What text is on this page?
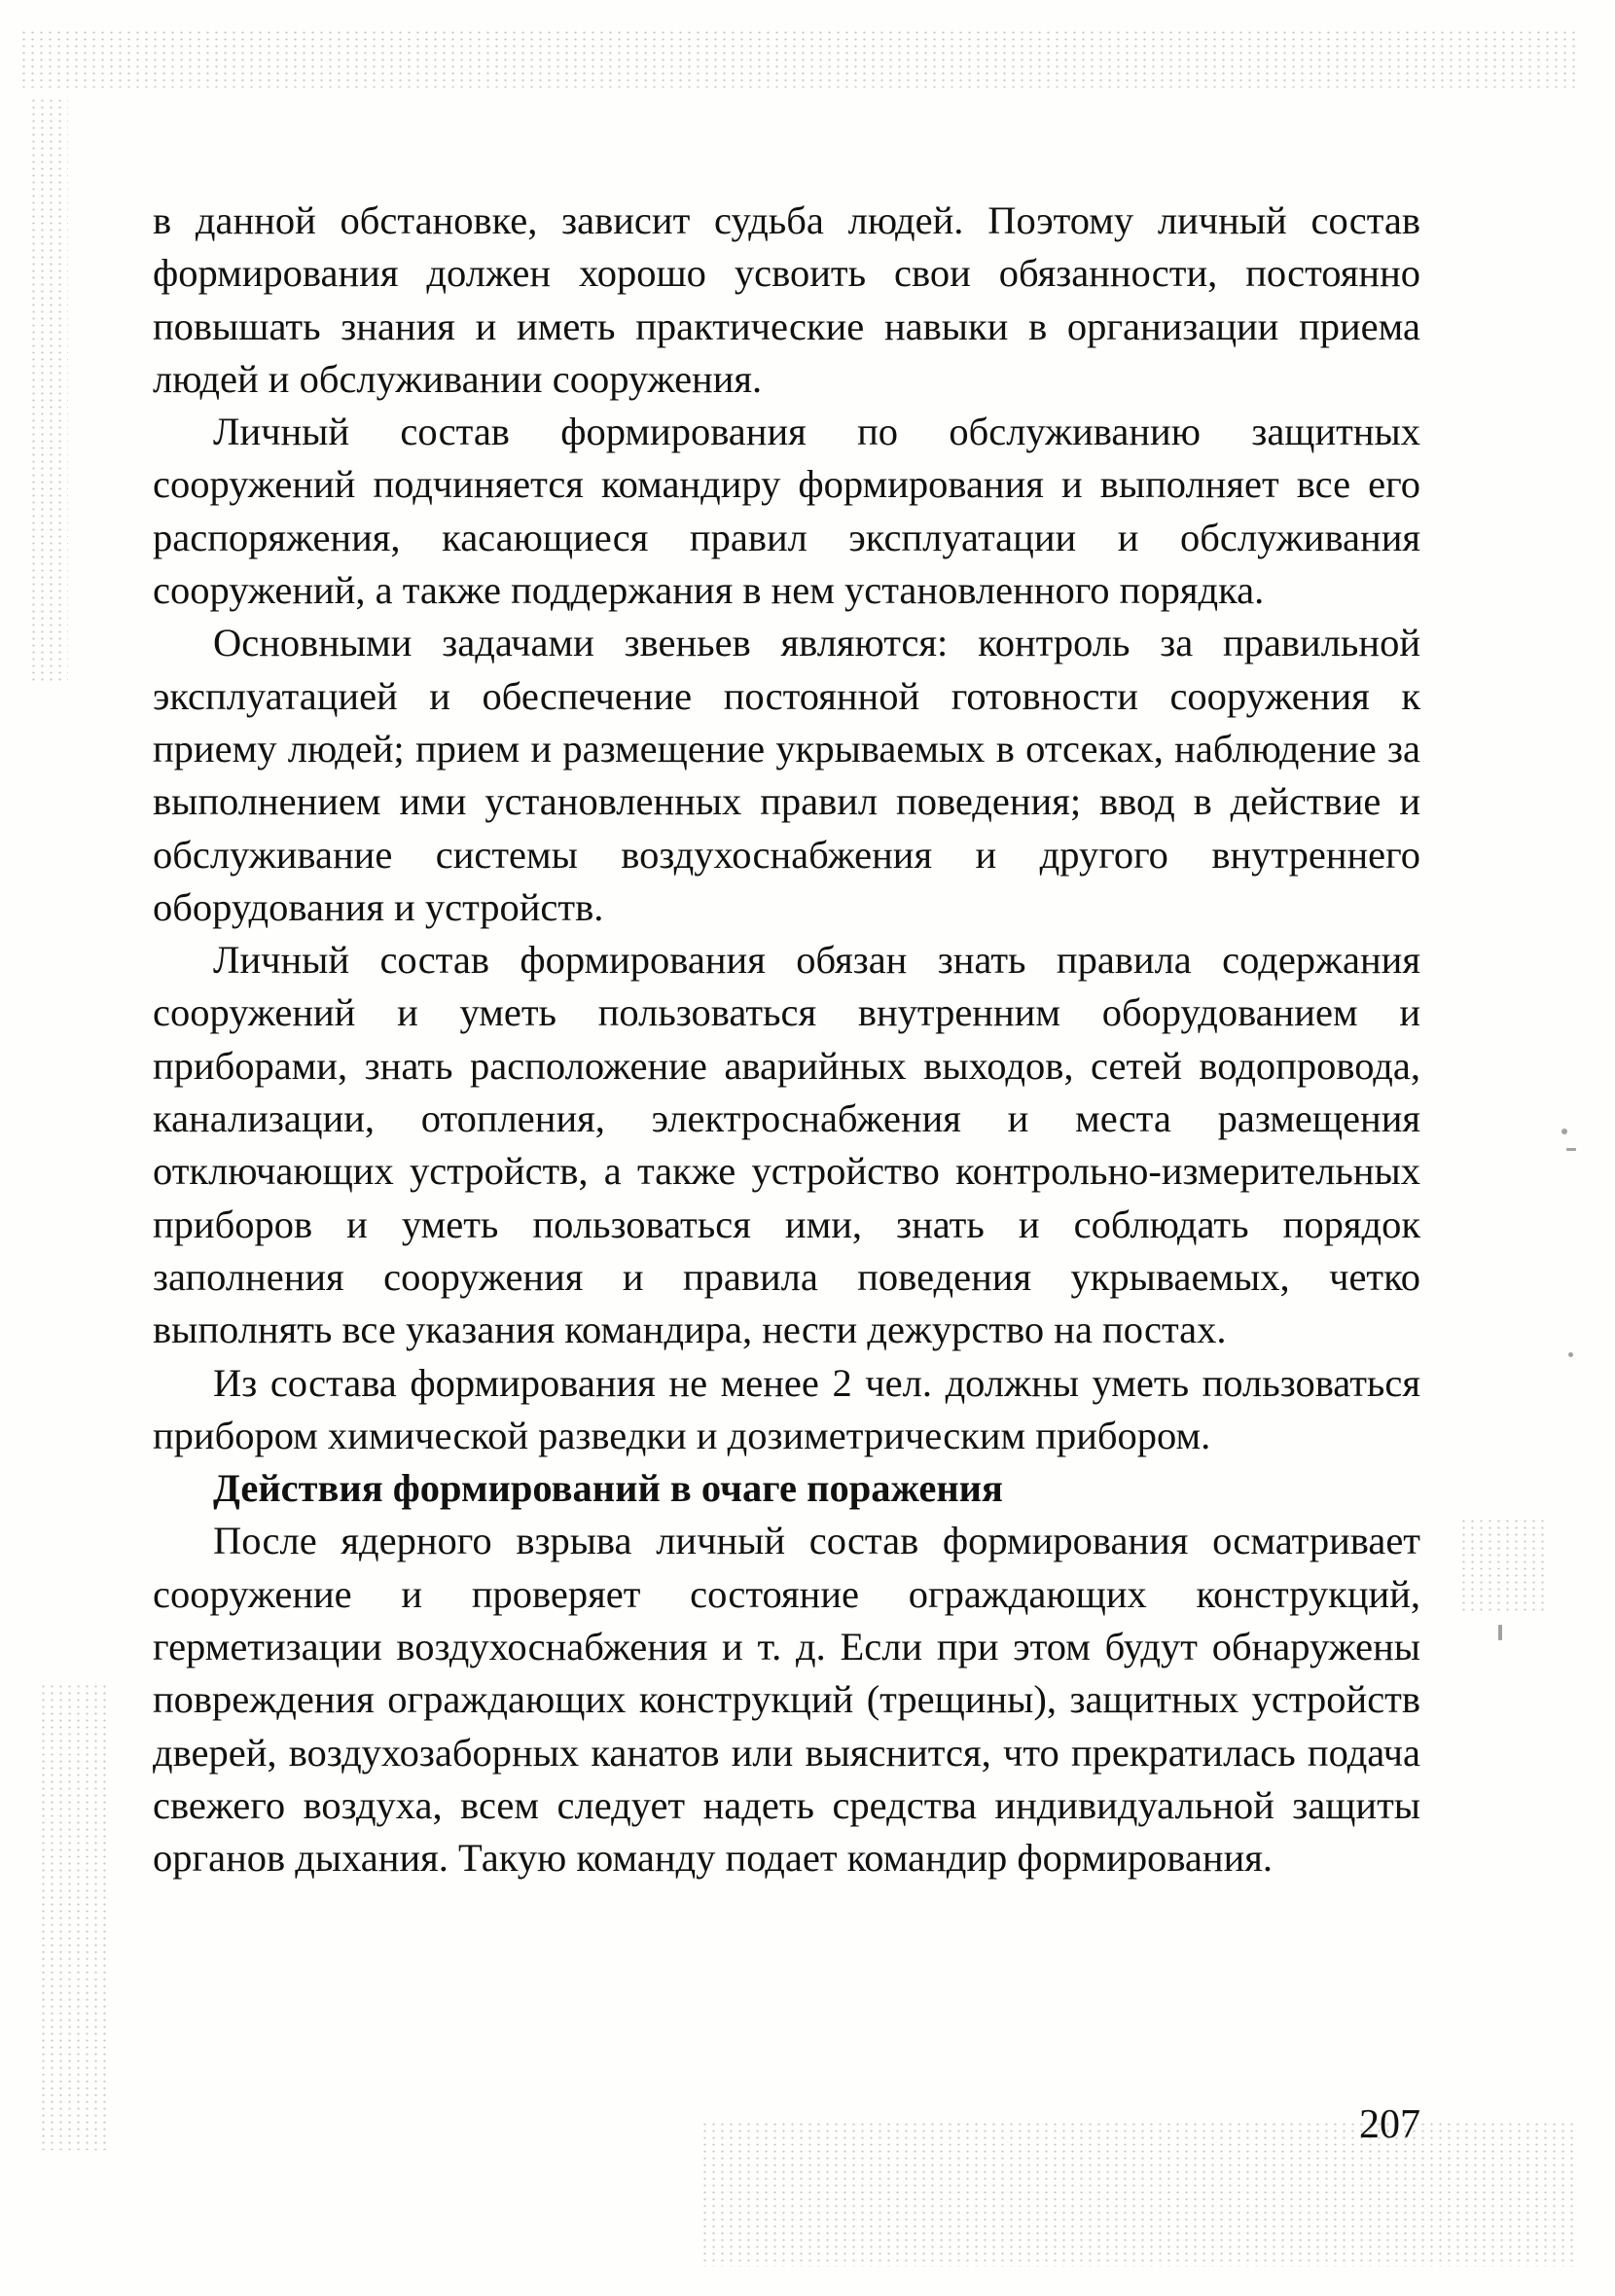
в данной обстановке, зависит судьба людей. Поэтому личный состав формирования должен хорошо усвоить свои обязанности, постоянно повышать знания и иметь практические навыки в организации приема людей и обслуживании сооружения.

Личный состав формирования по обслуживанию защитных сооружений подчиняется командиру формирования и выполняет все его распоряжения, касающиеся правил эксплуатации и обслуживания сооружений, а также поддержания в нем установленного порядка.

Основными задачами звеньев являются: контроль за правильной эксплуатацией и обеспечение постоянной готовности сооружения к приему людей; прием и размещение укрываемых в отсеках, наблюдение за выполнением ими установленных правил поведения; ввод в действие и обслуживание системы воздухоснабжения и другого внутреннего оборудования и устройств.

Личный состав формирования обязан знать правила содержания сооружений и уметь пользоваться внутренним оборудованием и приборами, знать расположение аварийных выходов, сетей водопровода, канализации, отопления, электроснабжения и места размещения отключающих устройств, а также устройство контрольно-измерительных приборов и уметь пользоваться ими, знать и соблюдать порядок заполнения сооружения и правила поведения укрываемых, четко выполнять все указания командира, нести дежурство на постах.

Из состава формирования не менее 2 чел. должны уметь пользоваться прибором химической разведки и дозиметрическим прибором.

Действия формирований в очаге поражения

После ядерного взрыва личный состав формирования осматривает сооружение и проверяет состояние ограждающих конструкций, герметизации воздухоснабжения и т. д. Если при этом будут обнаружены повреждения ограждающих конструкций (трещины), защитных устройств дверей, воздухозаборных канатов или выяснится, что прекратилась подача свежего воздуха, всем следует надеть средства индивидуальной защиты органов дыхания. Такую команду подает командир формирования.

207
